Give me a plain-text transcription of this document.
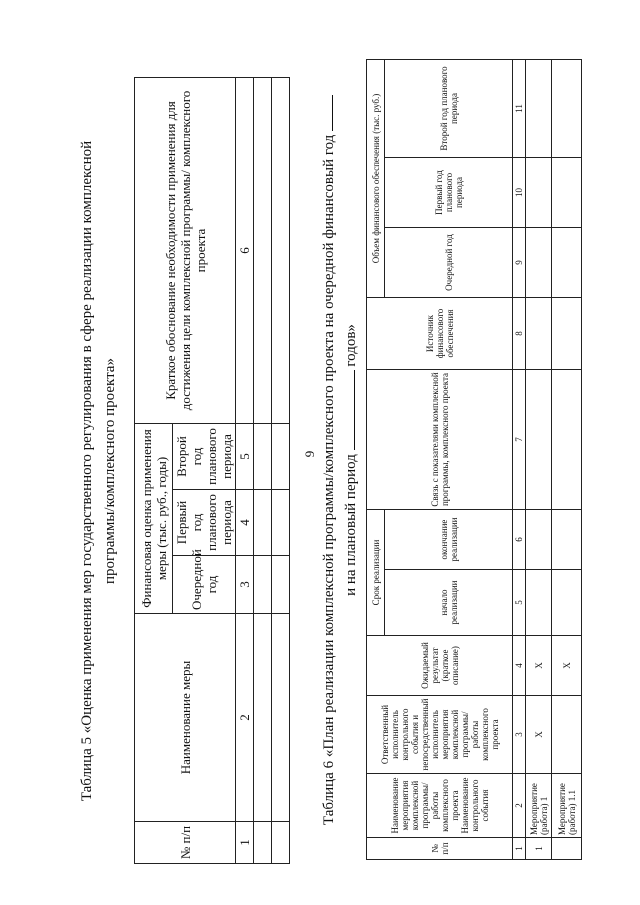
9
Таблица 5 «Оценка применения мер государственного регулирования в сфере реализации комплексной программы/комплексного проекта»
№ п/п	Наименование меры	Финансовая оценка применения меры (тыс. руб., годы)			Краткое обоснование необходимости применения для достижения цели комплексной программы/ комплексного проекта
		Очередной год	Первый год планового периода	Второй год планового периода	
1	2	3	4	5	6

						Таблица 6 «План реализации комплексной программы/комплексного проекта на очередной финансовый год и на плановый период  годов»
№ п/п	Наименование мероприятия комплексной программы/ работы комплексного проекта Наименование контрольного события	Ответственный исполнитель контрольного события и непосредственный исполнитель мероприятия комплексной программы/ работы комплексного проекта	Ожидаемый результат (краткое описание)	Срок реализации		Связь с показателями комплексной программы, комплексного проекта	Источник финансового обеспечения	Объем финансового обеспечения (тыс. руб.)		
				начало реализации	окончание реализации			Очередной год	Первый год планового периода	Второй год планового периода
1	2	3	4	5	6	7	8	9	10	11
1	Мероприятие (работа) 1	Х	Х							
	Мероприятие (работа) 1.1		Х							
